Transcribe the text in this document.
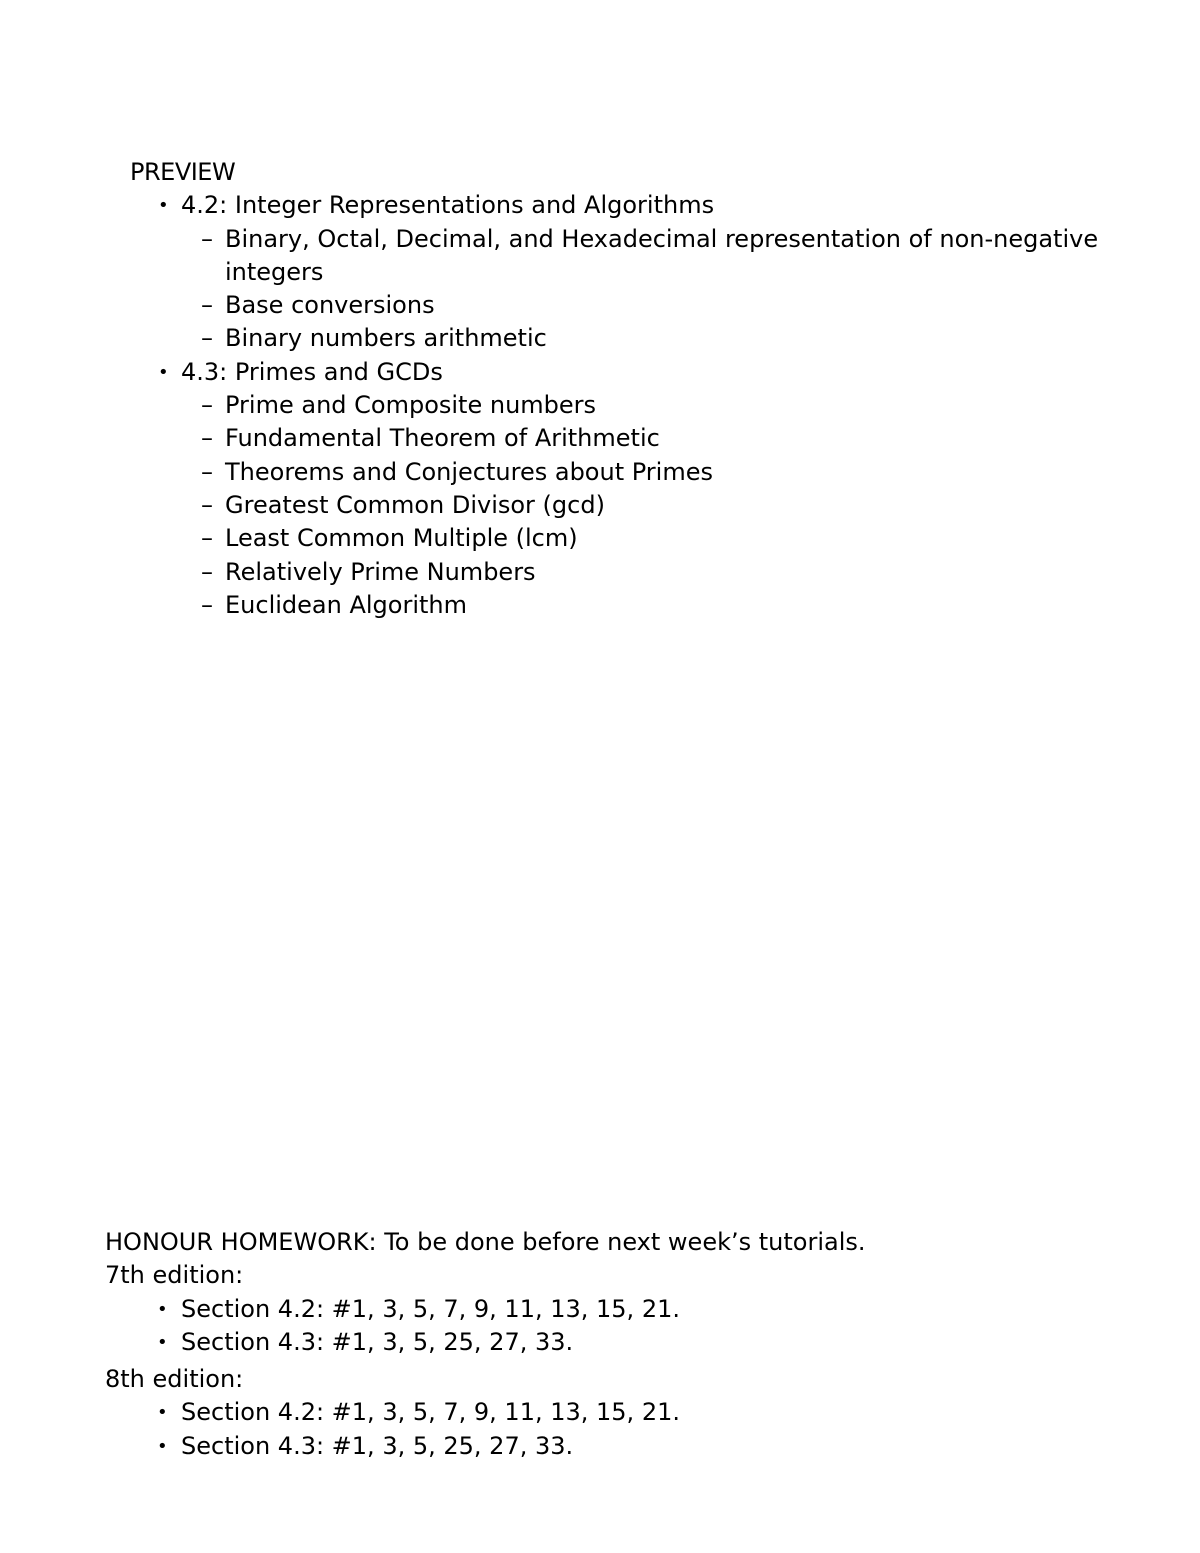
PREVIEW
• 4.2: Integer Representations and Algorithms
– Binary, Octal, Decimal, and Hexadecimal representation of non-negative integers
– Base conversions
– Binary numbers arithmetic
• 4.3: Primes and GCDs
– Prime and Composite numbers
– Fundamental Theorem of Arithmetic
– Theorems and Conjectures about Primes
– Greatest Common Divisor (gcd)
– Least Common Multiple (lcm)
– Relatively Prime Numbers
– Euclidean Algorithm

HONOUR HOMEWORK: To be done before next week’s tutorials.

7th edition:

• Section 4.2: #1, 3, 5, 7, 9, 11, 13, 15, 21.
• Section 4.3: #1, 3, 5, 25, 27, 33.

8th edition:

• Section 4.2: #1, 3, 5, 7, 9, 11, 13, 15, 21.
• Section 4.3: #1, 3, 5, 25, 27, 33.
